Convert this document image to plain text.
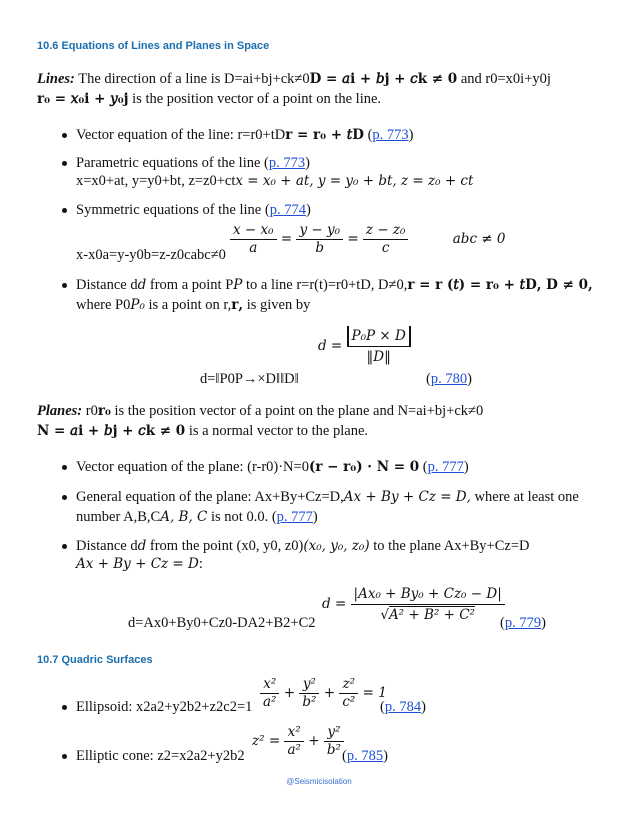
10.6 Equations of Lines and Planes in Space
Lines: The direction of a line is D=ai+bj+ck≠0𝐃 = 𝑎𝐢 + 𝑏𝐣 + 𝑐𝐤 ≠ 𝟎 and r0=x0i+y0j
𝐫₀ = 𝑥₀𝐢 + 𝑦₀𝐣 is the position vector of a point on the line.
Vector equation of the line: r=r0+tD𝐫 = 𝐫₀ + 𝑡𝐃 (p. 773)
Parametric equations of the line (p. 773)
x=x0+at, y=y0+bt, z=z0+ct𝑥 = 𝑥₀ + 𝑎𝑡, 𝑦 = 𝑦₀ + 𝑏𝑡, 𝑧 = 𝑧₀ + 𝑐𝑡
Symmetric equations of the line (p. 774)
$\frac{\text{x − x₀}}{a} = \frac{\text{y − y₀}}{b} = \frac{\text{z − z₀}}{c}$	abc ≠ 0
x-x0a=y-y0b=z-z0cabc≠0
Distance d𝑑 from a point P𝑃 to a line r=r(t)=r0+tD, D≠0,𝐫 = 𝐫 (𝑡) = 𝐫₀ + 𝑡𝐃, 𝐃 ≠ 𝟎,
where P0𝑃₀ is a point on r,𝐫, is given by
$d = \frac{\text{P₀P × D}}{‖D‖}$
d=‖P0P→×D‖‖D‖	(p. 780)
Planes: r0𝐫₀ is the position vector of a point on the plane and N=ai+bj+ck≠0
𝐍 = 𝑎𝐢 + 𝑏𝐣 + 𝑐𝐤 ≠ 𝟎 is a normal vector to the plane.
Vector equation of the plane: (r-r0)·N=0(𝐫 − 𝐫₀) · 𝐍 = 0 (p. 777)
General equation of the plane: Ax+By+Cz=D,𝐴𝑥 + 𝐵𝑦 + 𝐶𝑧 = 𝐷, where at least one
number A,B,C𝐴, 𝐵, 𝐶 is not 0.0. (p. 777)
Distance d𝑑 from the point (x0, y0, z0)(𝑥₀, 𝑦₀, 𝑧₀) to the plane Ax+By+Cz=D
𝐴𝑥 + 𝐵𝑦 + 𝐶𝑧 = 𝐷:
$d = \frac{\text{|Ax₀ + By₀ + Cz₀ − D|}}{\text{√A² + B² + C²}}$
d=Ax0+By0+Cz0-DA2+B2+C2	(p. 779)
10.7 Quadric Surfaces
$\frac{\text{x²}}{\text{a²}} + \frac{\text{y²}}{\text{b²}} + \frac{\text{z²}}{\text{c²}} = 1$
Ellipsoid: x2a2+y2b2+z2c2=1	(p. 784)
$z^2 = \frac{\text{x²}}{\text{a²}} + \frac{\text{y²}}{\text{b²}}$
Elliptic cone: z2=x2a2+y2b2	(p. 785)
@Seismicisolation
